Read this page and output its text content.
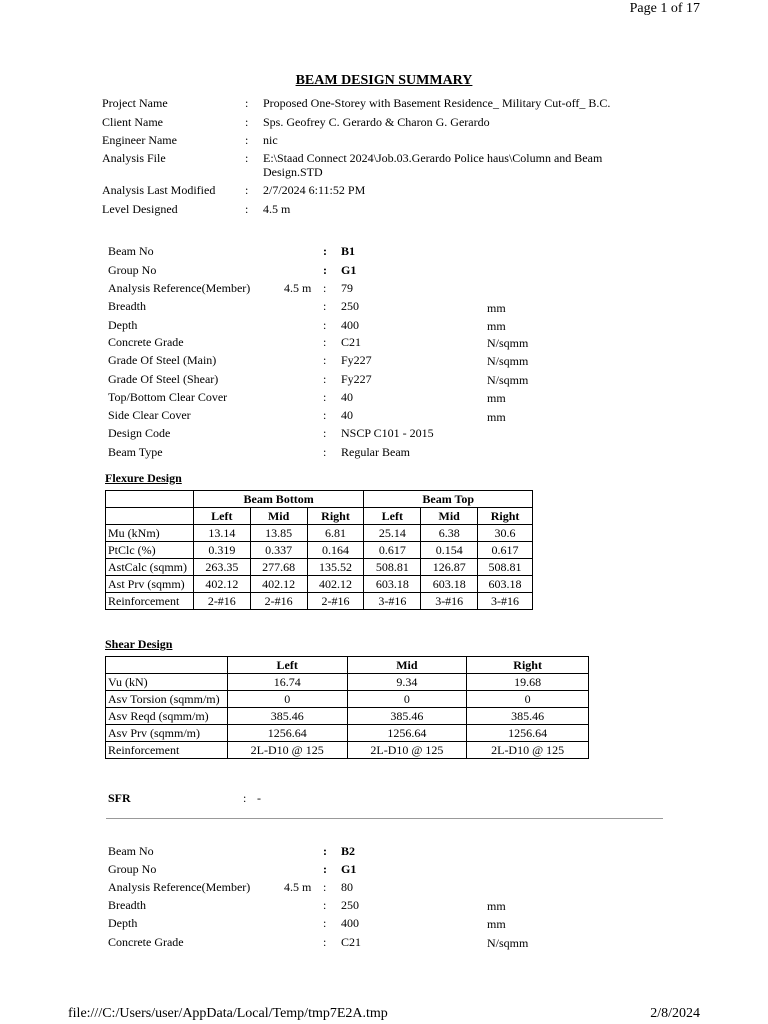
Page 1 of 17
BEAM DESIGN SUMMARY
Project Name	: Proposed One-Storey with Basement Residence_ Military Cut-off_ B.C.
Client Name	: Sps. Geofrey C. Gerardo & Charon G. Gerardo
Engineer Name	: nic
Analysis File	: E:\Staad Connect 2024\Job.03.Gerardo Police haus\Column and Beam
Design.STD
Analysis Last Modified : 2/7/2024 6:11:52 PM
Level Designed	: 4.5 m
Beam No	: B1
Group No	: G1
Analysis Reference(Member)	4.5 m : 79
Breadth	: 250	mm
Depth	: 400	mm
Concrete Grade	: C21	N/sqmm
Grade Of Steel (Main)	: Fy227	N/sqmm
Grade Of Steel (Shear)	: Fy227	N/sqmm
Top/Bottom Clear Cover	: 40	mm
Side Clear Cover	: 40	mm
Design Code	: NSCP C101 - 2015
Beam Type	: Regular Beam
Flexure Design
	Beam Bottom			Beam Top		
	Left	Mid	Right	Left	Mid	Right
Mu (kNm)	13.14	13.85	6.81	25.14	6.38	30.6
PtClc (%)	0.319	0.337	0.164	0.617	0.154	0.617
AstCalc (sqmm)	263.35	277.68	135.52	508.81	126.87	508.81
Ast Prv (sqmm)	402.12	402.12	402.12	603.18	603.18	603.18
Reinforcement	2-#16	2-#16	2-#16	3-#16	3-#16	3-#16
Shear Design
	Left	Mid	Right
Vu (kN)	16.74	9.34	19.68
Asv Torsion (sqmm/m)	0	0	0
Asv Reqd (sqmm/m)	385.46	385.46	385.46
Asv Prv (sqmm/m)	1256.64	1256.64	1256.64
Reinforcement	2L-D10 @ 125	2L-D10 @ 125	2L-D10 @ 125
SFR	: -
Beam No	: B2
Group No	: G1
Analysis Reference(Member)	4.5 m : 80
Breadth	: 250	mm
Depth	: 400	mm
Concrete Grade	: C21	N/sqmm
file:///C:/Users/user/AppData/Local/Temp/tmp7E2A.tmp	2/8/2024
